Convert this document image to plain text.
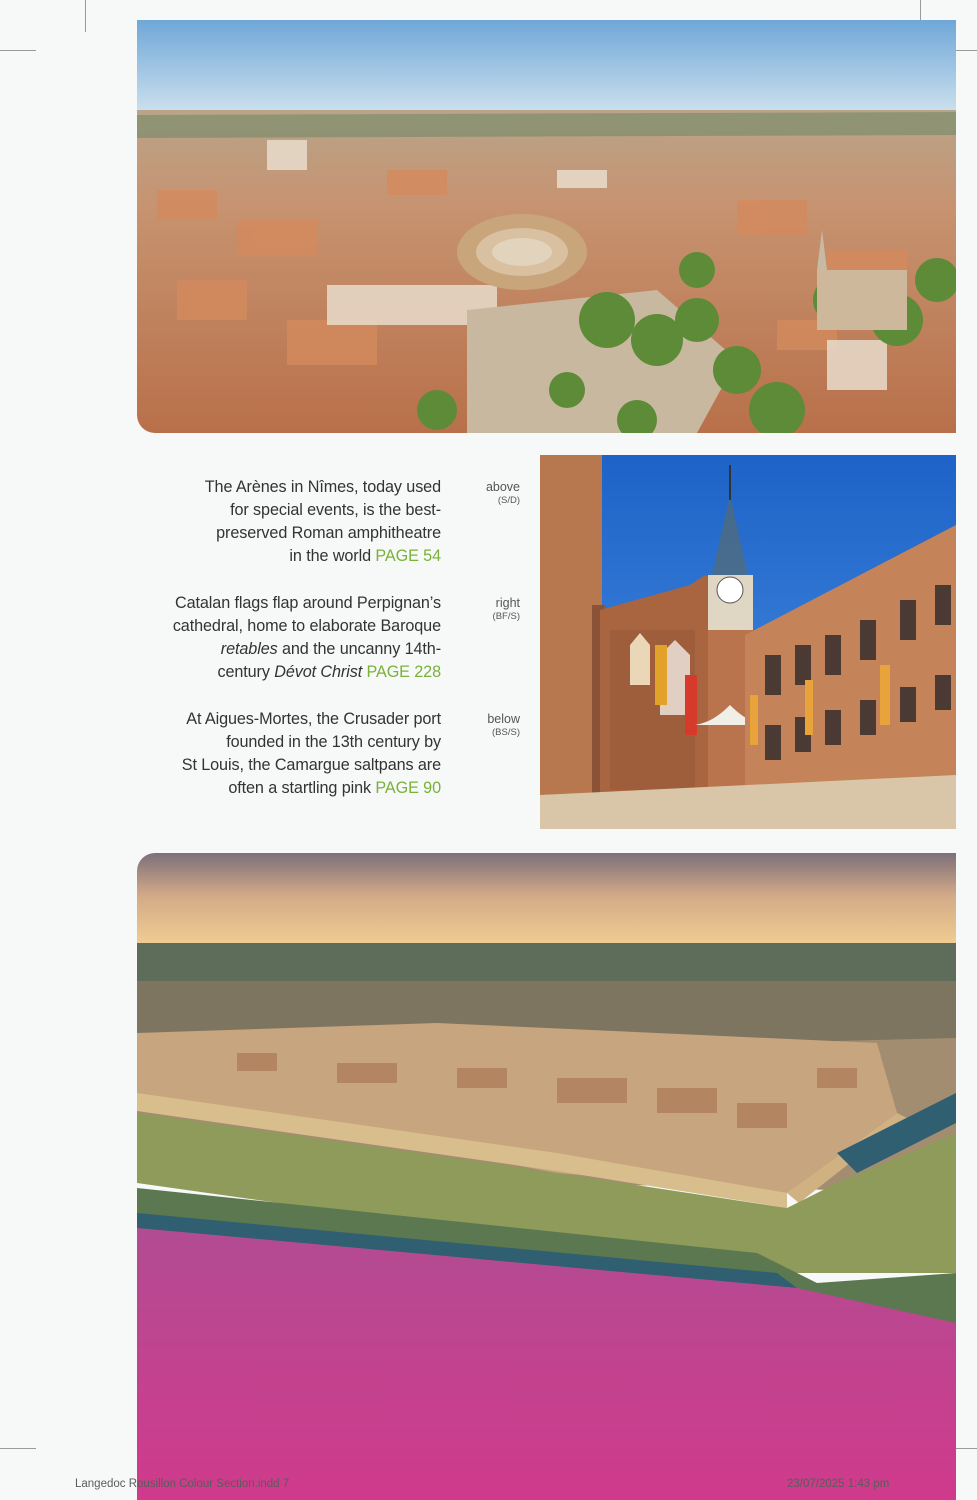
The Arènes in Nîmes, today used
for special events, is the best-
preserved Roman amphitheatre
in the world PAGE 54
Catalan flags flap around Perpignan’s
cathedral, home to elaborate Baroque
retables and the uncanny 14th-
century Dévot Christ PAGE 228
At Aigues-Mortes, the Crusader port
founded in the 13th century by
St Louis, the Camargue saltpans are
often a startling pink PAGE 90
above
(S/D)
right
(BF/S)
below
(BS/S)
Langedoc Rousillon Colour Section.indd 7	23/07/2025 1:43 pm
